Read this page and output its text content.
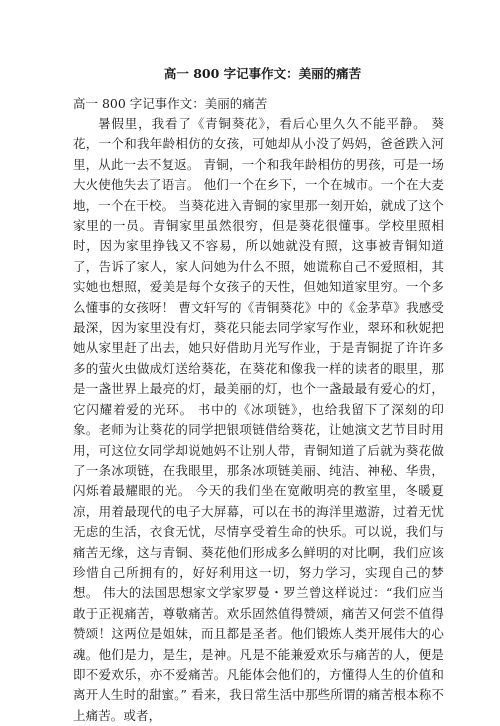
高一 800 字记事作文：美丽的痛苦

高一 800 字记事作文：美丽的痛苦

暑假里，我看了《青铜葵花》，看后心里久久不能平静。 葵花，一个和我年龄相仿的女孩，可她却从小没了妈妈，爸爸跌入河里，从此一去不复返。 青铜，一个和我年龄相仿的男孩，可是一场大火使他失去了语言。 他们一个在乡下，一个在城市。一个在大麦地，一个在干校。 当葵花进入青铜的家里那一刻开始，就成了这个家里的一员。青铜家里虽然很穷，但是葵花很懂事。学校里照相时，因为家里挣钱又不容易，所以她就没有照，这事被青铜知道了，告诉了家人，家人问她为什么不照，她谎称自己不爱照相，其实她也想照，爱美是每个女孩子的天性，但她知道家里穷。一个多么懂事的女孩呀！ 曹文轩写的《青铜葵花》中的《金茅草》我感受最深，因为家里没有灯，葵花只能去同学家写作业，翠环和秋妮把她从家里赶了出去，她只好借助月光写作业，于是青铜捉了许许多多的萤火虫做成灯送给葵花，在葵花和像我一样的读者的眼里，那是一盏世界上最亮的灯，最美丽的灯，也个一盏最最有爱心的灯，它闪耀着爱的光环。 书中的《冰项链》，也给我留下了深刻的印象。老师为让葵花的同学把银项链借给葵花，让她演文艺节目时用用，可这位女同学却说她妈不让别人带，青铜知道了后就为葵花做了一条冰项链，在我眼里，那条冰项链美丽、纯洁、神秘、华贵，闪烁着最耀眼的光。 今天的我们坐在宽敞明亮的教室里，冬暖夏凉，用着最现代的电子大屏幕，可以在书的海洋里遨游，过着无忧无虑的生活，衣食无忧，尽情享受着生命的快乐。可以说，我们与痛苦无缘，这与青铜、葵花他们形成多么鲜明的对比啊，我们应该珍惜自己所拥有的，好好利用这一切，努力学习，实现自己的梦想。 伟大的法国思想家文学家罗曼・罗兰曾这样说过：“我们应当敢于正视痛苦，尊敬痛苦。欢乐固然值得赞颂，痛苦又何尝不值得赞颂！这两位是姐妹，而且都是圣者。他们锻炼人类开展伟大的心魂。他们是力，是生，是神。凡是不能兼爱欢乐与痛苦的人，便是即不爱欢乐，亦不爱痛苦。凡能体会他们的，方懂得人生的价值和离开人生时的甜蜜。” 看来，我日常生活中那些所谓的痛苦根本称不上痛苦。或者，
